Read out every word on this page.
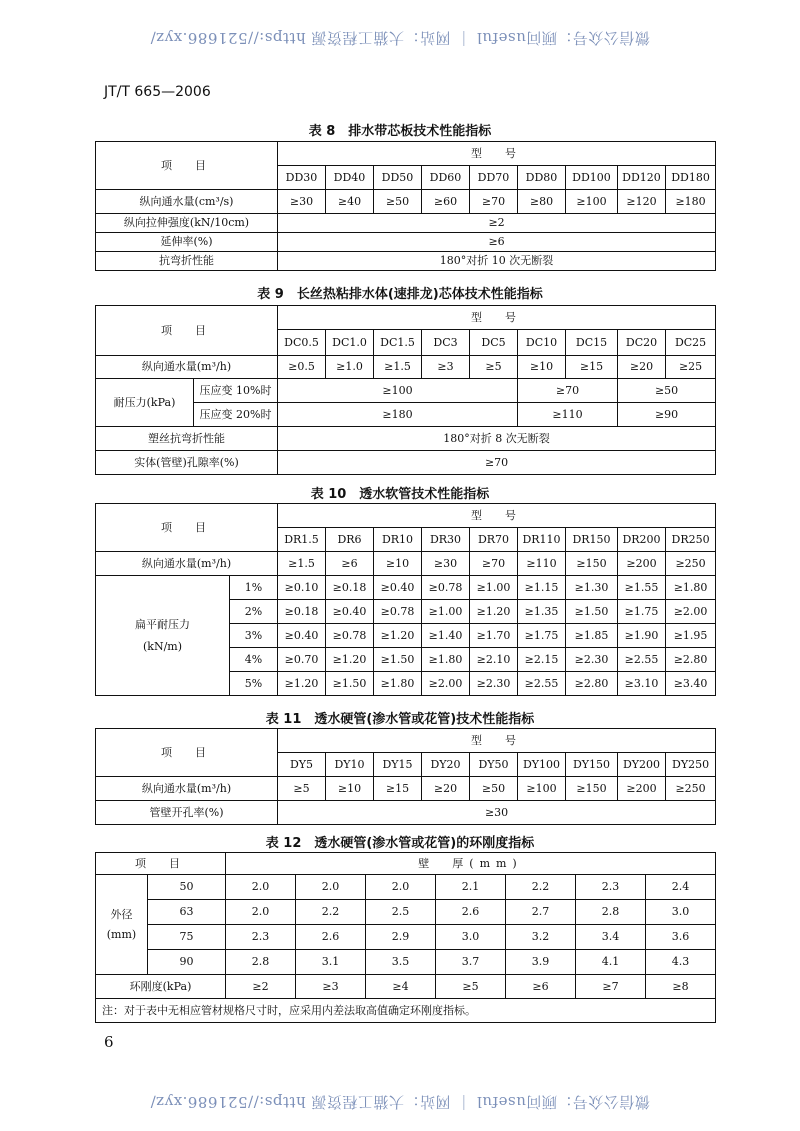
微信公众号：顾问useful ｜ 网站：大猫工程资源 https://521686.xyz/
JT/T 665—2006
表 8　排水带芯板技术性能指标
项　目	型　号								
	DD30	DD40	DD50	DD60	DD70	DD80	DD100	DD120	DD180
纵向通水量(cm³/s)	≥30	≥40	≥50	≥60	≥70	≥80	≥100	≥120	≥180
纵向拉伸强度(kN/10cm)	≥2								
延伸率(%)	≥6								
抗弯折性能	180°对折 10 次无断裂								
表 9　长丝热粘排水体(速排龙)芯体技术性能指标
项　目		型　号								
		DC0.5	DC1.0	DC1.5	DC3	DC5	DC10	DC15	DC20	DC25
纵向通水量(m³/h)		≥0.5	≥1.0	≥1.5	≥3	≥5	≥10	≥15	≥20	≥25
耐压力(kPa)	压应变 10%时	≥100					≥70		≥50	
	压应变 20%时	≥180					≥110		≥90	
塑丝抗弯折性能		180°对折 8 次无断裂								
实体(管壁)孔隙率(%)		≥70								
表 10　透水软管技术性能指标
项　目		型　号								
		DR1.5	DR6	DR10	DR30	DR70	DR110	DR150	DR200	DR250
纵向通水量(m³/h)		≥1.5	≥6	≥10	≥30	≥70	≥110	≥150	≥200	≥250

扁平耐压力
(kN/m)	1%	≥0.10	≥0.18	≥0.40	≥0.78	≥1.00	≥1.15	≥1.30	≥1.55	≥1.80
	2%	≥0.18	≥0.40	≥0.78	≥1.00	≥1.20	≥1.35	≥1.50	≥1.75	≥2.00
	3%	≥0.40	≥0.78	≥1.20	≥1.40	≥1.70	≥1.75	≥1.85	≥1.90	≥1.95
	4%	≥0.70	≥1.20	≥1.50	≥1.80	≥2.10	≥2.15	≥2.30	≥2.55	≥2.80
	5%	≥1.20	≥1.50	≥1.80	≥2.00	≥2.30	≥2.55	≥2.80	≥3.10	≥3.40
表 11　透水硬管(渗水管或花管)技术性能指标
项　目	型　号								
	DY5	DY10	DY15	DY20	DY50	DY100	DY150	DY200	DY250
纵向通水量(m³/h)	≥5	≥10	≥15	≥20	≥50	≥100	≥150	≥200	≥250
管壁开孔率(%)	≥30								
表 12　透水硬管(渗水管或花管)的环刚度指标
项　目		壁　厚(mm)						

外径
(mm)	50	2.0	2.0	2.0	2.1	2.2	2.3	2.4
	63	2.0	2.2	2.5	2.6	2.7	2.8	3.0
	75	2.3	2.6	2.9	3.0	3.2	3.4	3.6
	90	2.8	3.1	3.5	3.7	3.9	4.1	4.3
环刚度(kPa)		≥2	≥3	≥4	≥5	≥6	≥7	≥8
注：对于表中无相应管材规格尺寸时，应采用内差法取高值确定环刚度指标。								
6
微信公众号：顾问useful ｜ 网站：大猫工程资源 https://521686.xyz/
